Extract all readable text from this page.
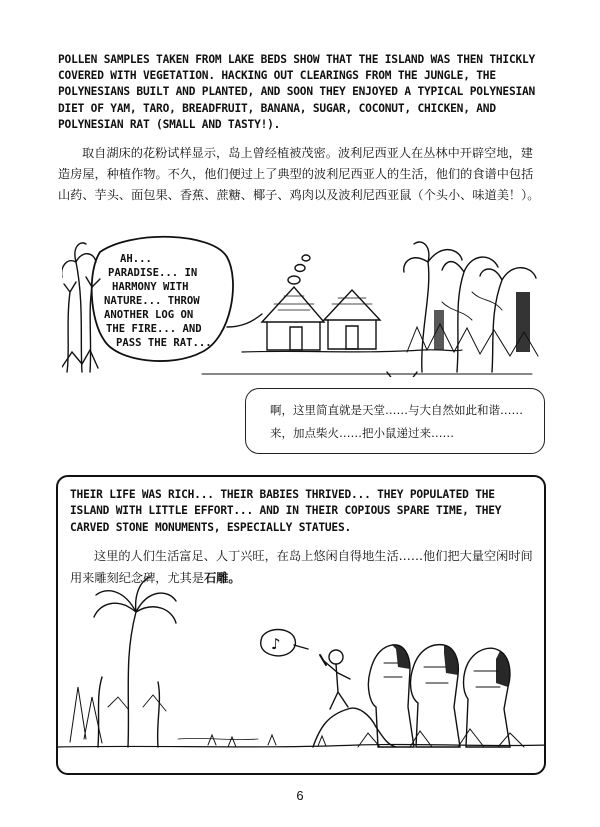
POLLEN SAMPLES TAKEN FROM LAKE BEDS SHOW THAT THE ISLAND WAS THEN THICKLY COVERED WITH VEGETATION. HACKING OUT CLEARINGS FROM THE JUNGLE, THE POLYNESIANS BUILT AND PLANTED, AND SOON THEY ENJOYED A TYPICAL POLYNESIAN DIET OF YAM, TARO, BREADFRUIT, BANANA, SUGAR, COCONUT, CHICKEN, AND POLYNESIAN RAT (SMALL AND TASTY!).

取自湖床的花粉试样显示，岛上曾经植被茂密。波利尼西亚人在丛林中开辟空地，建造房屋，种植作物。不久，他们便过上了典型的波利尼西亚人的生活，他们的食谱中包括山药、芋头、面包果、香蕉、蔗糖、椰子、鸡肉以及波利尼西亚鼠（个头小、味道美！）。

AH... PARADISE... IN HARMONY WITH NATURE... THROW ANOTHER LOG ON THE FIRE... AND PASS THE RAT...

啊，这里简直就是天堂……与大自然如此和谐……来，加点柴火……把小鼠递过来……

THEIR LIFE WAS RICH... THEIR BABIES THRIVED... THEY POPULATED THE ISLAND WITH LITTLE EFFORT... AND IN THEIR COPIOUS SPARE TIME, THEY CARVED STONE MONUMENTS, ESPECIALLY STATUES.

这里的人们生活富足、人丁兴旺，在岛上悠闲自得地生活……他们把大量空闲时间用来雕刻纪念碑，尤其是石雕。

♪
6
